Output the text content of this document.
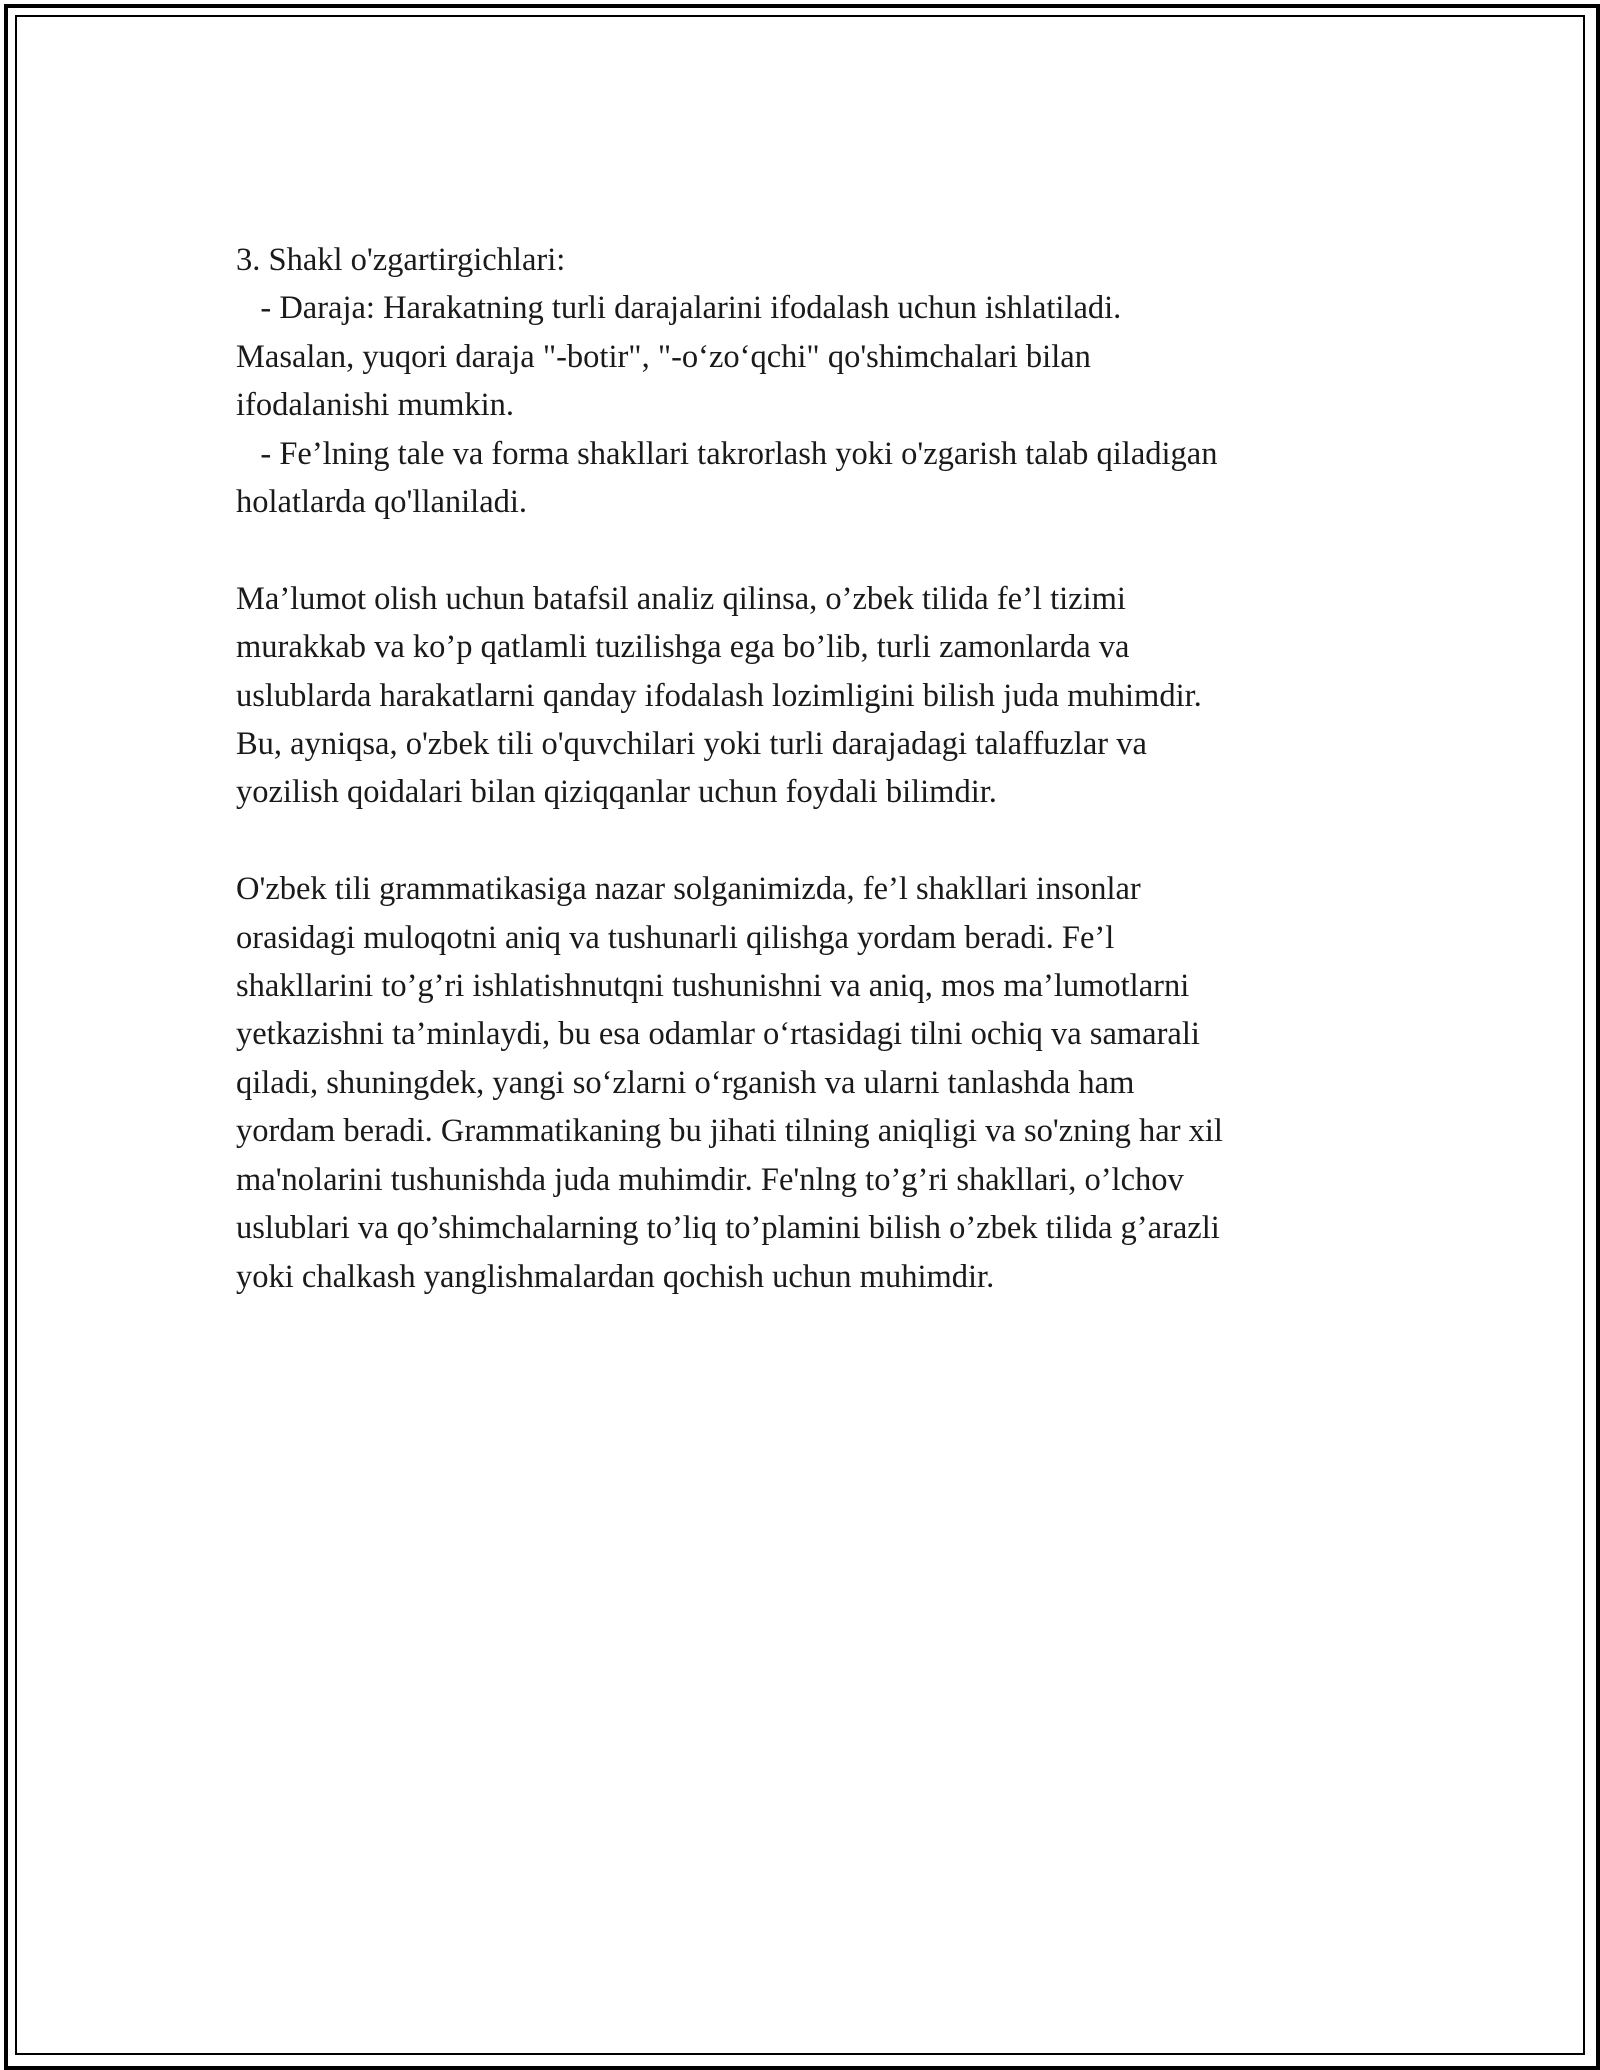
3. Shakl o'zgartirgichlari:
- Daraja: Harakatning turli darajalarini ifodalash uchun ishlatiladi.
Masalan, yuqori daraja "-botir", "-o‘zo‘qchi" qo'shimchalari bilan
ifodalanishi mumkin.
- Fe’lning tale va forma shakllari takrorlash yoki o'zgarish talab qiladigan
holatlarda qo'llaniladi.
Ma’lumot olish uchun batafsil analiz qilinsa, o’zbek tilida fe’l tizimi
murakkab va ko’p qatlamli tuzilishga ega bo’lib, turli zamonlarda va
uslublarda harakatlarni qanday ifodalash lozimligini bilish juda muhimdir.
Bu, ayniqsa, o'zbek tili o'quvchilari yoki turli darajadagi talaffuzlar va
yozilish qoidalari bilan qiziqqanlar uchun foydali bilimdir.
O'zbek tili grammatikasiga nazar solganimizda, fe’l shakllari insonlar
orasidagi muloqotni aniq va tushunarli qilishga yordam beradi. Fe’l
shakllarini to’g’ri ishlatishnutqni tushunishni va aniq, mos ma’lumotlarni
yetkazishni ta’minlaydi, bu esa odamlar o‘rtasidagi tilni ochiq va samarali
qiladi, shuningdek, yangi so‘zlarni o‘rganish va ularni tanlashda ham
yordam beradi. Grammatikaning bu jihati tilning aniqligi va so'zning har xil
ma'nolarini tushunishda juda muhimdir. Fe'nlng to’g’ri shakllari, o’lchov
uslublari va qo’shimchalarning to’liq to’plamini bilish o’zbek tilida g’arazli
yoki chalkash yanglishmalardan qochish uchun muhimdir.
